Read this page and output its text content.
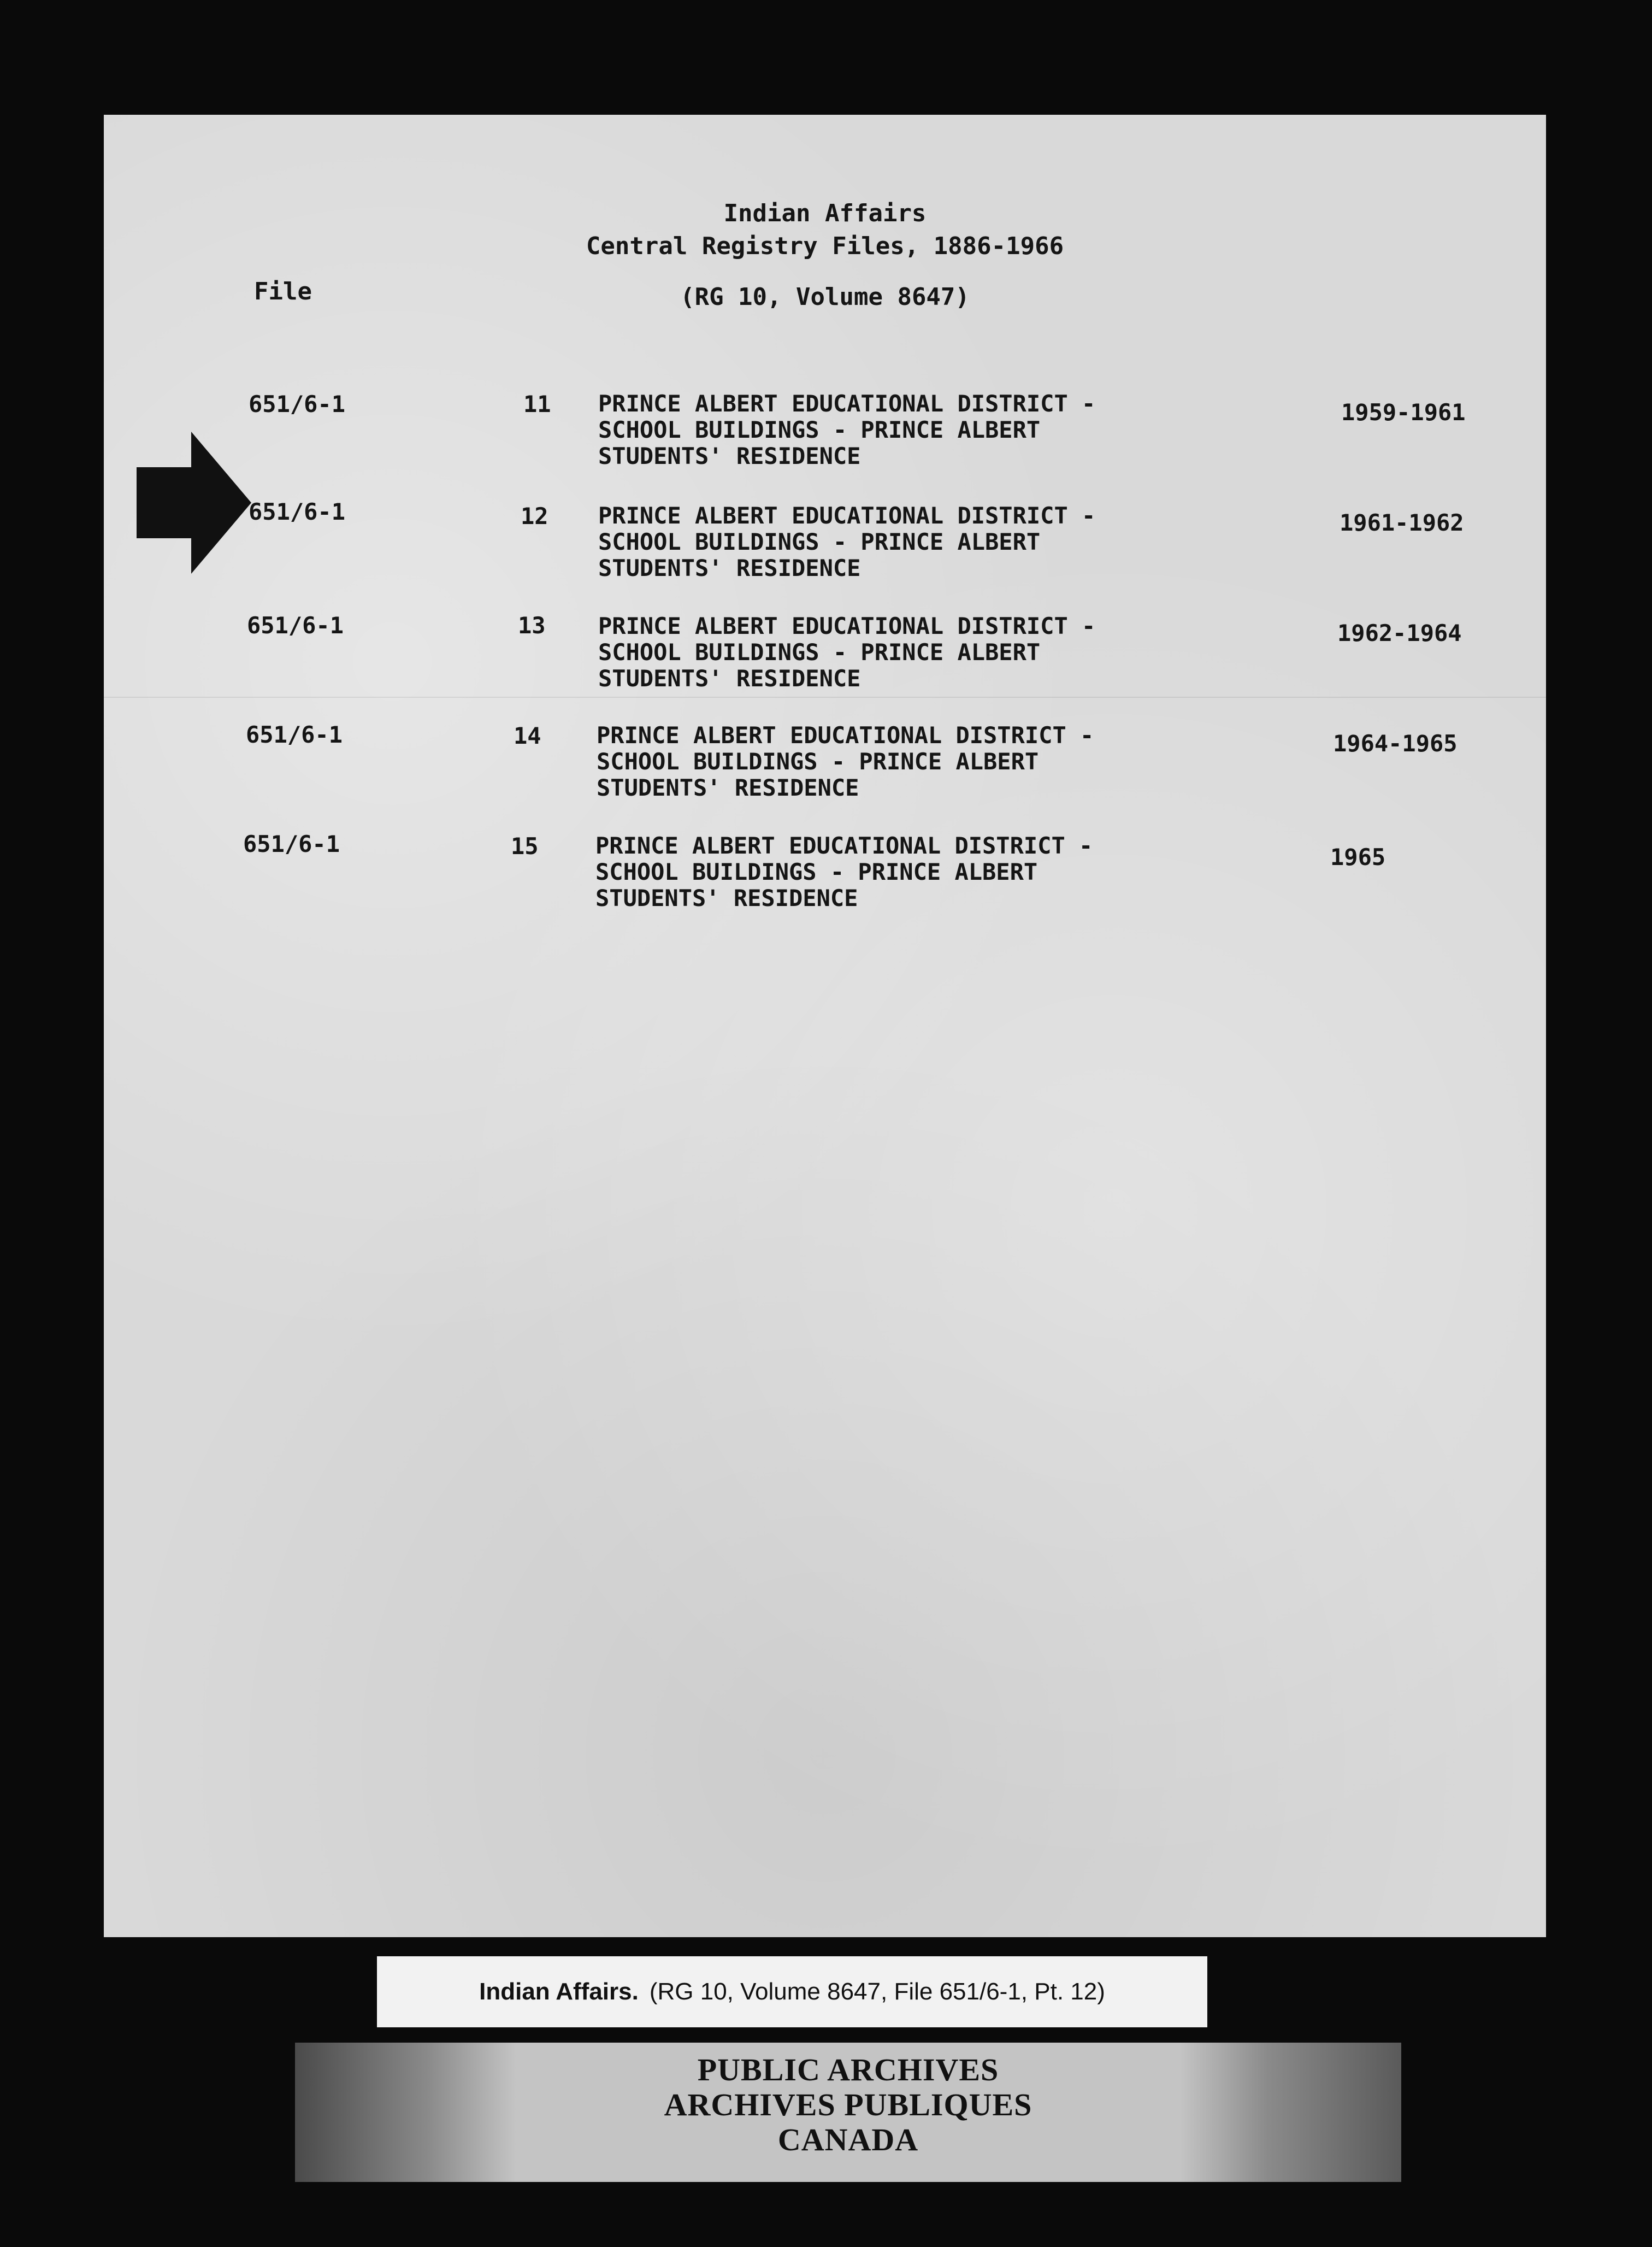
Indian Affairs
Central Registry Files, 1886-1966
(RG 10, Volume 8647)
File
651/6-1	11 PRINCE ALBERT EDUCATIONAL DISTRICT -
SCHOOL BUILDINGS - PRINCE ALBERT
STUDENTS' RESIDENCE
1959-1961
651/6-1	12 PRINCE ALBERT EDUCATIONAL DISTRICT -
SCHOOL BUILDINGS - PRINCE ALBERT
STUDENTS' RESIDENCE
1961-1962
651/6-1	13 PRINCE ALBERT EDUCATIONAL DISTRICT -
SCHOOL BUILDINGS - PRINCE ALBERT
STUDENTS' RESIDENCE
1962-1964
651/6-1	14 PRINCE ALBERT EDUCATIONAL DISTRICT -
SCHOOL BUILDINGS - PRINCE ALBERT
STUDENTS' RESIDENCE
1964-1965
651/6-1	15 PRINCE ALBERT EDUCATIONAL DISTRICT -
SCHOOL BUILDINGS - PRINCE ALBERT
STUDENTS' RESIDENCE
1965
Indian Affairs. (RG 10, Volume 8647, File 651/6-1, Pt. 12)
PUBLIC ARCHIVES
ARCHIVES PUBLIQUES
CANADA
